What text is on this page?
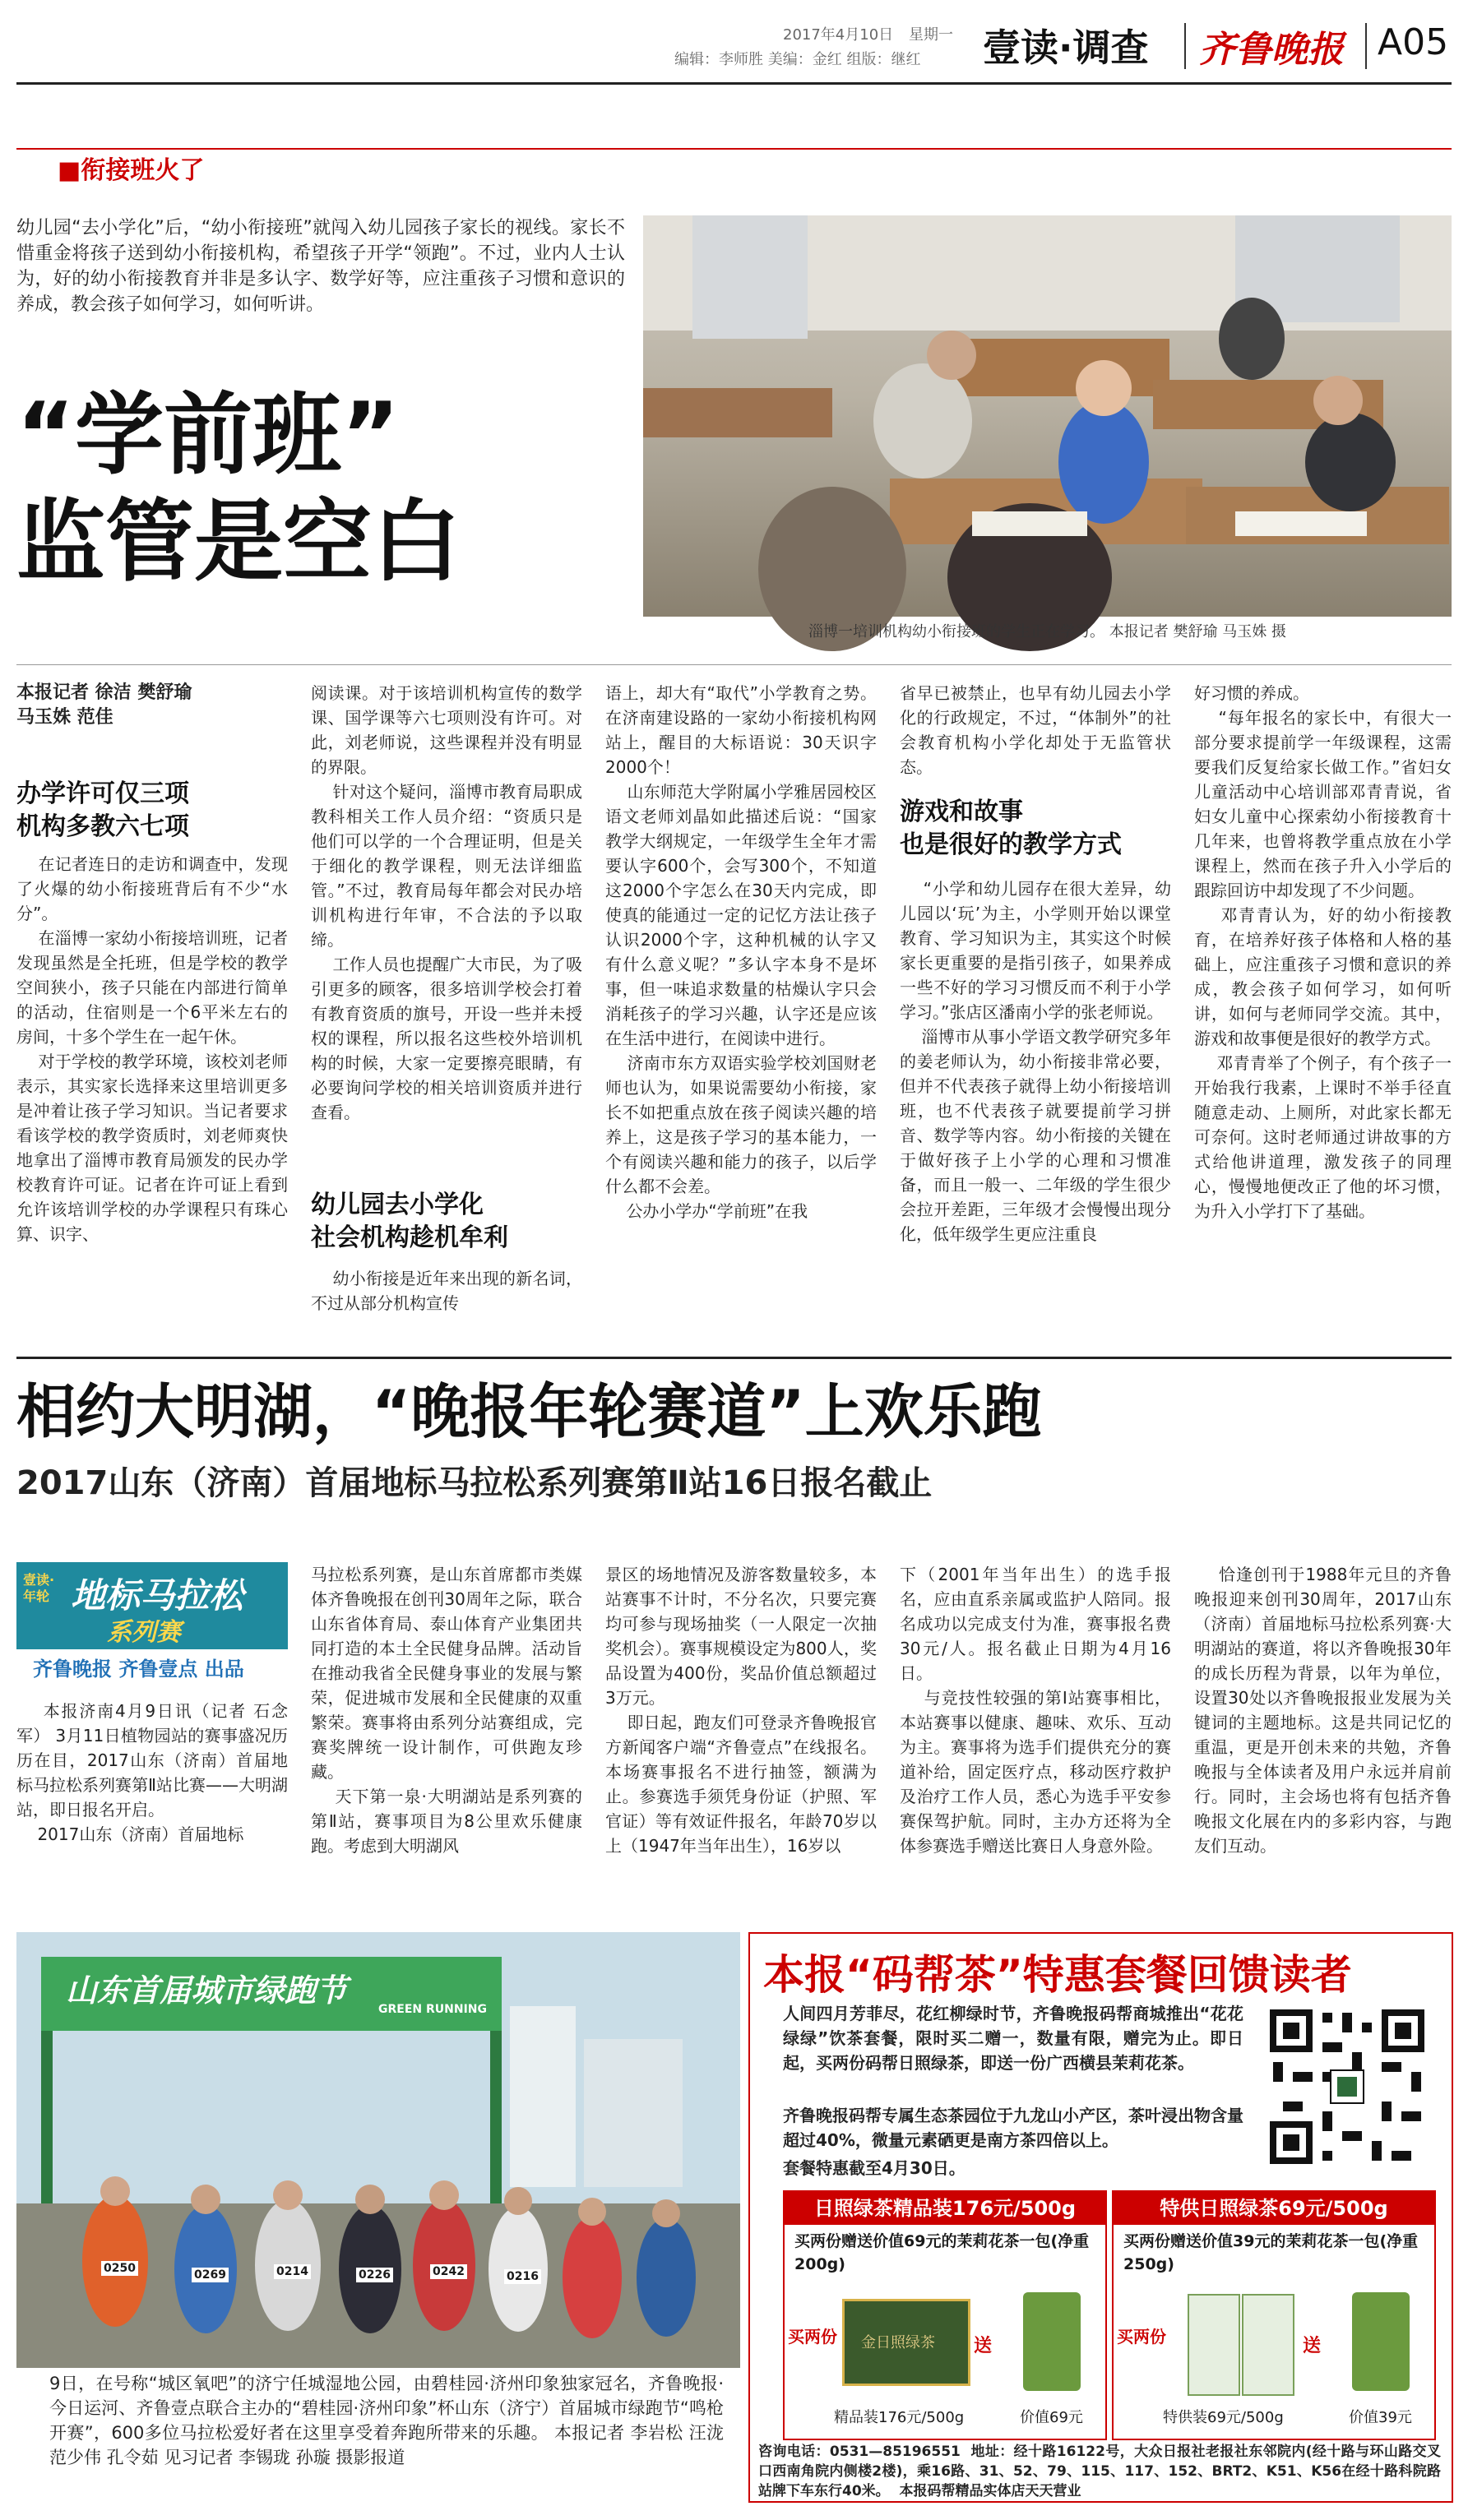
2017年4月10日 星期一
编辑：李师胜 美编：金红 组版：继红 壹读·调查 齐鲁晚报 A05
■衔接班火了
幼儿园“去小学化”后，“幼小衔接班”就闯入幼儿园孩子家长的视线。家长不惜重金将孩子送到幼小衔接机构，希望孩子开学“领跑”。不过，业内人士认为，好的幼小衔接教育并非是多认字、数学好等，应注重孩子习惯和意识的养成，教会孩子如何学习，如何听讲。
“学前班”
监管是空白
淄博一培训机构幼小衔接班的学生正在学习。 本报记者 樊舒瑜 马玉姝 摄
本报记者 徐洁 樊舒瑜
马玉姝 范佳
办学许可仅三项
机构多教六七项
在记者连日的走访和调查中，发现了火爆的幼小衔接班背后有不少“水分”。
在淄博一家幼小衔接培训班，记者发现虽然是全托班，但是学校的教学空间狭小，孩子只能在内部进行简单的活动，住宿则是一个6平米左右的房间，十多个学生在一起午休。
对于学校的教学环境，该校刘老师表示，其实家长选择来这里培训更多是冲着让孩子学习知识。当记者要求看该学校的教学资质时，刘老师爽快地拿出了淄博市教育局颁发的民办学校教育许可证。记者在许可证上看到允许该培训学校的办学课程只有珠心算、识字、
阅读课。对于该培训机构宣传的数学课、国学课等六七项则没有许可。对此，刘老师说，这些课程并没有明显的界限。
针对这个疑问，淄博市教育局职成教科相关工作人员介绍：“资质只是他们可以学的一个合理证明，但是关于细化的教学课程，则无法详细监管。”不过，教育局每年都会对民办培训机构进行年审，不合法的予以取缔。
工作人员也提醒广大市民，为了吸引更多的顾客，很多培训学校会打着有教育资质的旗号，开设一些并未授权的课程，所以报名这些校外培训机构的时候，大家一定要擦亮眼睛，有必要询问学校的相关培训资质并进行查看。
幼儿园去小学化
社会机构趁机牟利
幼小衔接是近年来出现的新名词，不过从部分机构宣传
语上，却大有“取代”小学教育之势。在济南建设路的一家幼小衔接机构网站上，醒目的大标语说：30天识字2000个！
山东师范大学附属小学雅居园校区语文老师刘晶如此描述后说：“国家教学大纲规定，一年级学生全年才需要认字600个，会写300个，不知道这2000个字怎么在30天内完成，即使真的能通过一定的记忆方法让孩子认识2000个字，这种机械的认字又有什么意义呢？”多认字本身不是坏事，但一味追求数量的枯燥认字只会消耗孩子的学习兴趣，认字还是应该在生活中进行，在阅读中进行。
济南市东方双语实验学校刘国财老师也认为，如果说需要幼小衔接，家长不如把重点放在孩子阅读兴趣的培养上，这是孩子学习的基本能力，一个有阅读兴趣和能力的孩子，以后学什么都不会差。
公办小学办“学前班”在我
省早已被禁止，也早有幼儿园去小学化的行政规定，不过，“体制外”的社会教育机构小学化却处于无监管状态。
游戏和故事
也是很好的教学方式
“小学和幼儿园存在很大差异，幼儿园以‘玩’为主，小学则开始以课堂教育、学习知识为主，其实这个时候家长更重要的是指引孩子，如果养成一些不好的学习习惯反而不利于小学学习。”张店区潘南小学的张老师说。
淄博市从事小学语文教学研究多年的姜老师认为，幼小衔接非常必要，但并不代表孩子就得上幼小衔接培训班，也不代表孩子就要提前学习拼音、数学等内容。幼小衔接的关键在于做好孩子上小学的心理和习惯准备，而且一般一、二年级的学生很少会拉开差距，三年级才会慢慢出现分化，低年级学生更应注重良
好习惯的养成。
“每年报名的家长中，有很大一部分要求提前学一年级课程，这需要我们反复给家长做工作。”省妇女儿童活动中心培训部邓青青说，省妇女儿童中心探索幼小衔接教育十几年来，也曾将教学重点放在小学课程上，然而在孩子升入小学后的跟踪回访中却发现了不少问题。
邓青青认为，好的幼小衔接教育，在培养好孩子体格和人格的基础上，应注重孩子习惯和意识的养成，教会孩子如何学习，如何听讲，如何与老师同学交流。其中，游戏和故事便是很好的教学方式。
邓青青举了个例子，有个孩子一开始我行我素，上课时不举手径直随意走动、上厕所，对此家长都无可奈何。这时老师通过讲故事的方式给他讲道理，激发孩子的同理心，慢慢地便改正了他的坏习惯，为升入小学打下了基础。
相约大明湖，“晚报年轮赛道”上欢乐跑
2017山东（济南）首届地标马拉松系列赛第Ⅱ站16日报名截止
壹读·年轮 地标马拉松
系列赛
齐鲁晚报 齐鲁壹点 出品
本报济南4月9日讯（记者 石念军） 3月11日植物园站的赛事盛况历历在目，2017山东（济南）首届地标马拉松系列赛第Ⅱ站比赛——大明湖站，即日报名开启。
2017山东（济南）首届地标
马拉松系列赛，是山东首席都市类媒体齐鲁晚报在创刊30周年之际，联合山东省体育局、泰山体育产业集团共同打造的本土全民健身品牌。活动旨在推动我省全民健身事业的发展与繁荣，促进城市发展和全民健康的双重繁荣。赛事将由系列分站赛组成，完赛奖牌统一设计制作，可供跑友珍藏。
天下第一泉·大明湖站是系列赛的第Ⅱ站，赛事项目为8公里欢乐健康跑。考虑到大明湖风
景区的场地情况及游客数量较多，本站赛事不计时，不分名次，只要完赛均可参与现场抽奖（一人限定一次抽奖机会）。赛事规模设定为800人，奖品设置为400份，奖品价值总额超过3万元。
即日起，跑友们可登录齐鲁晚报官方新闻客户端“齐鲁壹点”在线报名。本场赛事报名不进行抽签，额满为止。参赛选手须凭身份证（护照、军官证）等有效证件报名，年龄70岁以上（1947年当年出生），16岁以
下（2001年当年出生）的选手报名，应由直系亲属或监护人陪同。报名成功以完成支付为准，赛事报名费30元/人。报名截止日期为4月16日。
与竞技性较强的第I站赛事相比，本站赛事以健康、趣味、欢乐、互动为主。赛事将为选手们提供充分的赛道补给，固定医疗点，移动医疗救护及治疗工作人员，悉心为选手平安参赛保驾护航。同时，主办方还将为全体参赛选手赠送比赛日人身意外险。
恰逢创刊于1988年元旦的齐鲁晚报迎来创刊30周年，2017山东（济南）首届地标马拉松系列赛·大明湖站的赛道，将以齐鲁晚报30年的成长历程为背景，以年为单位，设置30处以齐鲁晚报报业发展为关键词的主题地标。这是共同记忆的重温，更是开创未来的共勉，齐鲁晚报与全体读者及用户永远并肩前行。同时，主会场也将有包括齐鲁晚报文化展在内的多彩内容，与跑友们互动。
山东首届城市绿跑节
GREEN RUNNING
0250	0269	0214	0226	0242	0216
9日，在号称“城区氧吧”的济宁任城湿地公园，由碧桂园·济州印象独家冠名，齐鲁晚报·今日运河、齐鲁壹点联合主办的“碧桂园·济州印象”杯山东（济宁）首届城市绿跑节“鸣枪开赛”，600多位马拉松爱好者在这里享受着奔跑所带来的乐趣。 本报记者 李岩松 汪泷 范少伟 孔令茹 见习记者 李锡珑 孙璇 摄影报道
本报“码帮茶”特惠套餐回馈读者
人间四月芳菲尽，花红柳绿时节，齐鲁晚报码帮商城推出“花花绿绿”饮茶套餐，限时买二赠一，数量有限，赠完为止。即日起，买两份码帮日照绿茶，即送一份广西横县茉莉花茶。
齐鲁晚报码帮专属生态茶园位于九龙山小产区，茶叶浸出物含量超过40%，微量元素硒更是南方茶四倍以上。
套餐特惠截至4月30日。
日照绿茶精品装176元/500g
买两份赠送价值69元的茉莉花茶一包(净重200g)
买两份 金日照绿茶 送
精品装176元/500g	价值69元
特供日照绿茶69元/500g
买两份赠送价值39元的茉莉花茶一包(净重250g)
买两份	送
特供装69元/500g	价值39元
咨询电话：0531—85196551  地址：经十路16122号，大众日报社老报社东邻院内(经十路与环山路交叉口西南角院内侧楼2楼)，乘16路、31、52、79、115、117、152、BRT2、K51、K56在经十路科院路站牌下车东行40米。  本报码帮精品实体店天天营业
